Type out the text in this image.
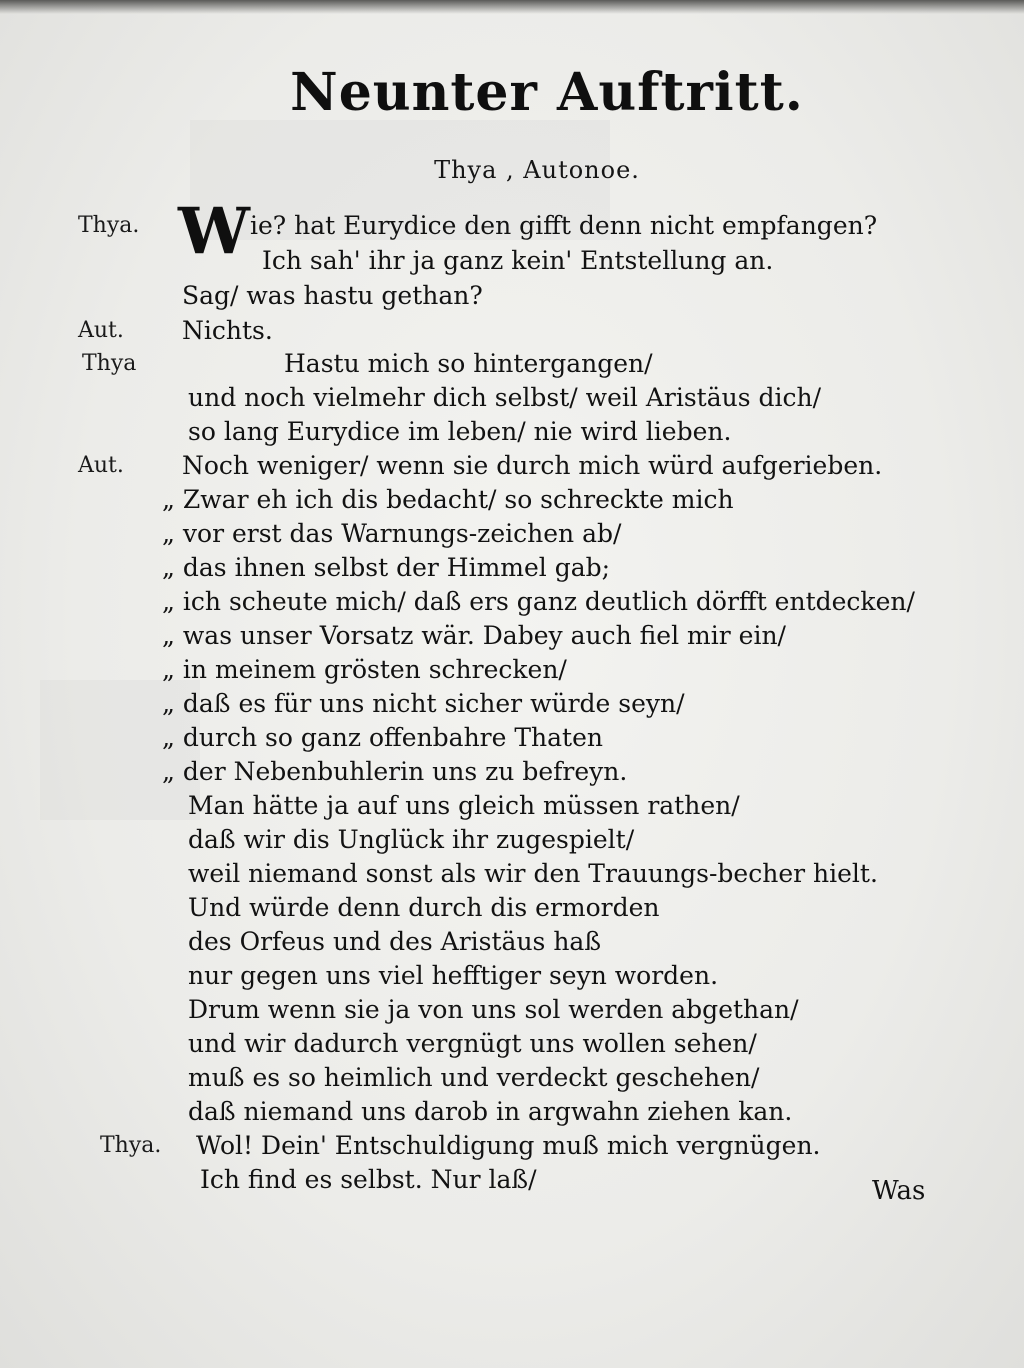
Neunter Auftritt.
Thya , Autonoe.
W
Thya.	ie? hat Eurydice den gifft denn nicht empfangen?
Ich sah' ihr ja ganz kein' Entstellung an.
Sag/ was hastu gethan?
Aut. Nichts.
Thya	Hastu mich so hintergangen/
und noch vielmehr dich selbst/ weil Aristäus dich/
so lang Eurydice im leben/ nie wird lieben.
Aut. Noch weniger/ wenn sie durch mich würd aufgerieben.
„ Zwar eh ich dis bedacht/ so schreckte mich
„ vor erst das Warnungs-zeichen ab/
„ das ihnen selbst der Himmel gab;
„ ich scheute mich/ daß ers ganz deutlich dörfft entdecken/
„ was unser Vorsatz wär. Dabey auch fiel mir ein/
„ in meinem grösten schrecken/
„ daß es für uns nicht sicher würde seyn/
„ durch so ganz offenbahre Thaten
„ der Nebenbuhlerin uns zu befreyn.
Man hätte ja auf uns gleich müssen rathen/
daß wir dis Unglück ihr zugespielt/
weil niemand sonst als wir den Trauungs-becher hielt.
Und würde denn durch dis ermorden
des Orfeus und des Aristäus haß
nur gegen uns viel hefftiger seyn worden.
Drum wenn sie ja von uns sol werden abgethan/
und wir dadurch vergnügt uns wollen sehen/
muß es so heimlich und verdeckt geschehen/
daß niemand uns darob in argwahn ziehen kan.
Thya. Wol! Dein' Entschuldigung muß mich vergnügen.
Ich find es selbst. Nur laß/	Was
